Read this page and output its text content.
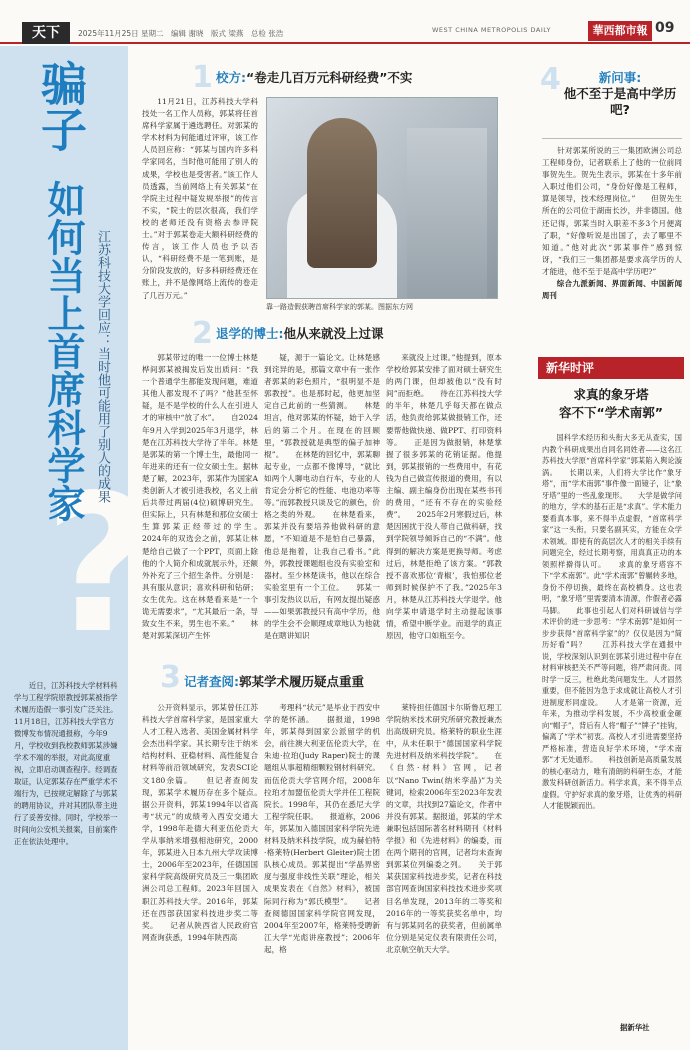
天下	2025年11月25日 星期二　编辑 谢晓　版式 梁燕　总检 张浩	WEST CHINA METROPOLIS DAILY	華西都市報 09
?
骗子
如何当上首席科学家 江苏科技大学回应：当时他可能用了别人的成果

近日，江苏科技大学材料科学与工程学院原教授郭某被指学术履历造假一事引发广泛关注。11月18日，江苏科技大学官方微博发布情况通报称，今年9月，学校收到我校教师郭某涉嫌学术不端的举报，对此高度重视，立即启动调查程序。经调查取证，认定郭某存在严重学术不端行为，已按规定解除了与郭某的聘用协议，并对其团队带主进行了妥善安排。同时，学校举一时间向公安机关报案，目前案件正在依法处理中。

1 校方:“卷走几百万元科研经费”不实

11月21日，江苏科技大学科技处一名工作人员称，郭某将任首席科学家属于遴选聘任。对郭某的学术材料为何能通过评审，该工作人员回应称：“郭某与国内许多科学家同名，当时他可能用了别人的成果，学校也是受害者。”该工作人员透露，当前网络上有关郭某“在学院主过程中疑发规举报”的传言不实，“院士的层次很高，我们学校的老师还没有资格去参评院士。”对于郭某卷走大额科研经费的传言，该工作人员也予以否认，“科研经费不是一笔到账，是分阶段发放的，好多科研经费还在账上，并不是像网络上流传的卷走了几百万元。”

靠一路造假获聘首席科学家的郭某。图据东方网
2 退学的博士:他从来就没上过课

郭某带过的唯一一位博士林楚桦间郭某被揭发后发出质问：“我一个普通学生都能发现问题，难道其他人都发现不了吗？”他甚至怀疑，是不是学校的什么人在引进人才的审核中“放了水”。　　自2024年9月入学到2025年3月退学，林楚在江苏科技大学待了半年。林楚是郭某的第一个博士生，最他同一年进来的还有一位女硕士生。据林楚了解，2023年，郭某作为国家A类创新人才被引进我校，名义上前后共带过两届(4位)硕博研究生。但实际上，只有林楚和那位女硕士生算郭某正经带过的学生。　　2024年的双选会之前，郭某让林楚给自己做了一个PPT，页面上除他的个人简介和成就展示外，还额外补充了三个招生条件。分别是：具有服从意识；喜欢科研和钻研；女生优先。这在林楚看来是“一个诡无需要求”，“尤其最后一条，导致女生不来，男生也不来。”　　林楚对郭某深切产生怀

疑，源于一篇论文。让林楚感到诧异的是，那篇文章中有一张作者郭某的彩色照片，“很明显不是郭教授”。也是那时起，他更加坚定自己此前的一些猜测。　　林楚坦言，他对郭某的怀疑，始于入学后的第二个月。在现在的回顾里，“郭教授就是典型的偏子加神棍”。　　在林楚的回忆中，郭某聊起专业，一点都不像博导，“就比如两个人聊电动自行车，专业的人肯定会分析它的性能、电池功率等等。”而郭教授只谈及它的颜色，价格之类的外观。　　在林楚看来，郭某并没有要培养他做科研的意愿，“不知道是不是怕自己暴露，他总是拖着，让我自己看书。”此外，郭教授课题组也没有实验室和器材。至少林楚读书，他以在综合实验室里有一个工位。　　郭某一事引发热议以后，有网友提出疑惑——如果郭教授只有高中学历，他的学生会不会顺理成章地认为他就是在瞎讲知识

来就没上过课。”他提到，原本学校给郭某安排了面对硕士研究生的两门课，但却被他以“没有时间”而拒绝。　　待在江苏科技大学的半年，林楚几乎每天都在做点活，他负责给郭某做报销工作，还要帮他做快递、做PPT、打印资料等。　　正是因为做报销，林楚掌握了很多郭某的花销证据。他提到，郭某报销的一些费用中，有花钱为自己做宣传报道的费用，有以主编、副主编身份出现在某些书刊的费用，“还有不存在的实验经费”。　　2025年2月寒假过后，林楚因困扰于没人带自己做科研，找到学院领导倾诉自己的“不满”。他得到的解决方案是更换导师。考虑过后，林楚拒绝了该方案。“郭教授不喜欢那位‘青椒’，我怕那位老师到时候保护不了我。”2025年3月，林楚从江苏科技大学退学。他向学某申请退学时主动提起该事情，希望中断学业。而退学的真正原因，他守口如瓶至今。

3 记者查阅:郭某学术履历疑点重重

公开资料显示，郭某曾任江苏科技大学首席科学家，是国家重大人才工程入选者、美国金属材料学会杰出科学家。其长期专注于纳米结构材料、亚稳材料、高性能复合材料等前沿领域研究，发表SCI论文180余篇。　　但记者查阅发现，郭某学术履历存在多个疑点。　　据公开资料，郭某1994年以省高考“状元”的成绩考入西安交通大学，1998年赴德大利亚伍伦贡大学从事纳米增强相池研究，2000年，郭某进入日本九州大学攻读博士，2006年至2023年，任德国国家科学院高级研究员及三一集团欧洲公司总工程师。2023年回国入职江苏科技大学。2016年，郭某还在西部获国家科技进步奖二等奖。　　记者从陕西省人民政府官网查询获悉，1994年陕西高

考理科“状元”是毕业于西安中学的楚怀涵。　　据报道，1998年，郭某得到国家公派留学的机会，前往澳大利亚伍伦贡大学，在朱迪·拉珀(Judy Raper)院士的课题组从事超精细颗粒钢材料研究。而伍伦贡大学官网介绍，2008年拉珀才加盟伍伦贡大学并任工程院院长。1998年，其仍在悉尼大学工程学院任职。　　报道称，2006年，郭某加入德国国家科学院先进材料及纳米科技学院，成为赫伯特·格莱特(Herbert Gleiter)院士团队核心成员。郭某提出“学晶界密度与强度非线性关联”理论，相关成果发表在《自然》材料》，被国际同行称为“郭氏模型”。　　记者查阅德国国家科学院官网发现，2004年至2007年，格莱特受聘新江大学“光彪讲座教授”；2006年起，格

莱特担任德国卡尔斯鲁厄理工学院纳米技术研究所研究教授兼杰出高级研究员。格莱特的职业生涯中，从未任职于“德国国家科学院先进材料及纳米科技学院”。　　在《自然·材料》官网，记者以“Nano Twin(纳米孪晶)”为关键词，检索2006年至2023年发表的文章，共找到27篇论文，作者中并没有郭某。据报道，郭某的学术兼职包括国际著名材料期刊《材料学报》和《先进材料》的编委，而在两个期刊的官网，记者均未查询到郭某位列编委之列。　　关于郭某获国家科技进步奖，记者在科技部官网查询国家科技技术进步奖项目名单发现，2013年的二等奖和2016年的一等奖获奖名单中，均有与郭某同名的获奖者，但前属单位分别是吴定仪表有限责任公司，北京航空航天大学。

4	新问事:
他不至于是高中学历吧?

针对郭某所说的三一集团欧洲公司总工程师身份，记者联系上了他的一位前同事贺先生。贺先生表示，郭某在十多年前入职过他们公司，“身份好像是工程师，算是领导，技术经理岗位。”　　但贺先生所在的公司位于湖南长沙，并非德国。他还记得，郭某当时入职差不多3个月便离了职，“好像听说是出国了，去了哪里不知道。”他对此次“郭某事件”感到惊讶，“我们三一集团都是要求高学历的人才能进，他不至于是高中学历吧?”

综合九派新闻、界面新闻、中国新闻周刊

新华时评
求真的象牙塔
容不下“学术南郭”

国科学术经历和头衔大多无从查实，国内教个科研成果出自同名同姓者——这名江苏科技大学原“首席科学家”郭某陷入舆论漩涡。　　长期以来，人们将大学比作“象牙塔”，而“学术南郭”事件像一面镜子，让“象牙塔”里的一些乱象现形。　　大学是做学问的地方，学术的基石正是“求真”。学术能力要看真本事，来不得半点虚假，“首席科学家”这一头衔，只要名副其实，方能在众学术领域。即使有的高层次人才的相关手续有问题完全，经过长期考察，用真真正功的本领照样擀得认可。　　求真的象牙塔容不下“学术南郭”。此“学术南郭”曾辗转多地，身份不停切换，最终在高校栖身。这也表明，“象牙塔”里需要清本清源，作假者必露马脚。　　此事也引起人们对科研诚信与学术评价的进一步思考：“学术南郭”是如何一步步获得“首席科学家”的？仅仅是因为“简历好看”吗？　　江苏科技大学在通报中说，学校深刻认识到在郭某引进过程中存在材料审核把关不严等问题，将严肃问责。同时学一反三，杜绝此类问题发生。人才固然重要，但不能因为急于求成就让高校人才引进制度形同虚设。　　人才是第一资源，近年来，为推动学科发展，不少高校重金砸向“帽子”，背后有人将“帽子”“牌子”挂钩，偏离了“学术”初衷。高校人才引进需要坚持严格标准，营造良好学术环境，“学术南郭”才无处遁形。　　科技创新是高质量发展的核心驱动力，唯有清朗的科研生态，才能激发科研创新活力。科学求真，来不得半点虚假。守护好求真的象牙塔，让优秀的科研人才能脱颖而出。

据新华社
